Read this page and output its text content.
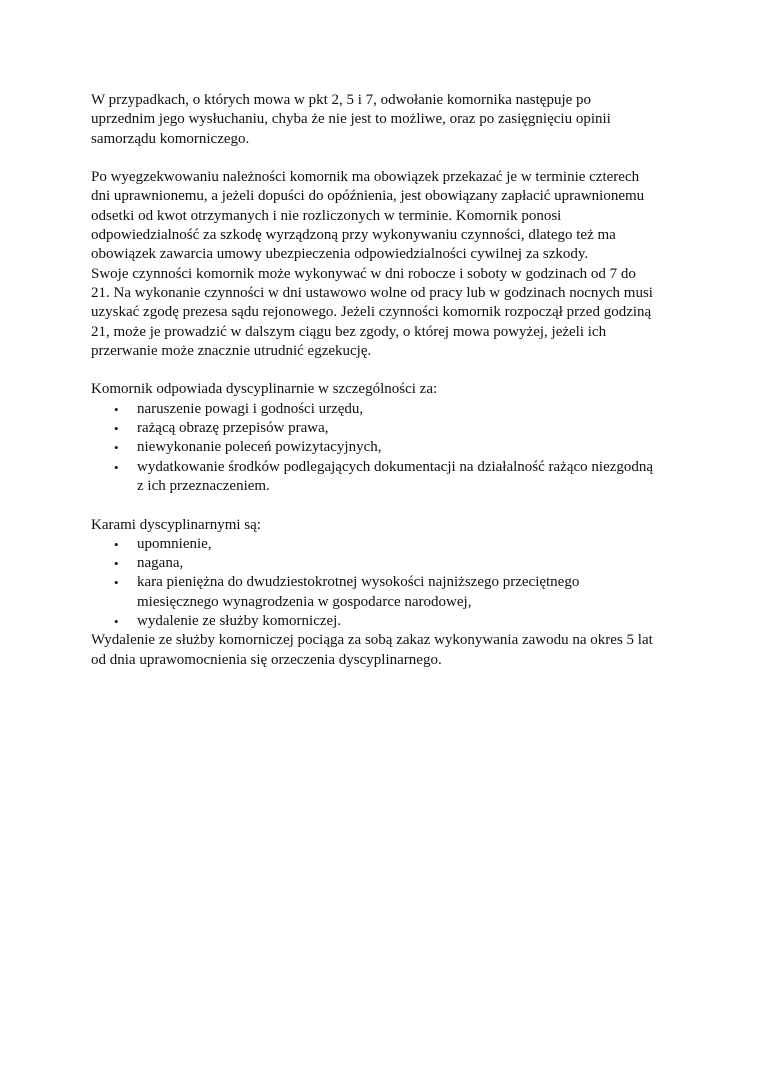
W przypadkach, o których mowa w pkt 2, 5 i 7, odwołanie komornika następuje po
uprzednim jego wysłuchaniu, chyba że nie jest to możliwe, oraz po zasięgnięciu opinii
samorządu komorniczego.

Po wyegzekwowaniu należności komornik ma obowiązek przekazać je w terminie czterech
dni uprawnionemu, a jeżeli dopuści do opóźnienia, jest obowiązany zapłacić uprawnionemu
odsetki od kwot otrzymanych i nie rozliczonych w terminie. Komornik ponosi
odpowiedzialność za szkodę wyrządzoną przy wykonywaniu czynności, dlatego też ma
obowiązek zawarcia umowy ubezpieczenia odpowiedzialności cywilnej za szkody.
Swoje czynności komornik może wykonywać w dni robocze i soboty w godzinach od 7 do
21. Na wykonanie czynności w dni ustawowo wolne od pracy lub w godzinach nocnych musi
uzyskać zgodę prezesa sądu rejonowego. Jeżeli czynności komornik rozpoczął przed godziną
21, może je prowadzić w dalszym ciągu bez zgody, o której mowa powyżej, jeżeli ich
przerwanie może znacznie utrudnić egzekucję.

Komornik odpowiada dyscyplinarnie w szczególności za:

• naruszenie powagi i godności urzędu,
• rażącą obrazę przepisów prawa,
• niewykonanie poleceń powizytacyjnych,
• wydatkowanie środków podlegających dokumentacji na działalność rażąco niezgodną
z ich przeznaczeniem.

Karami dyscyplinarnymi są:

• upomnienie,
• nagana,
• kara pieniężna do dwudziestokrotnej wysokości najniższego przeciętnego
miesięcznego wynagrodzenia w gospodarce narodowej,
• wydalenie ze służby komorniczej.

Wydalenie ze służby komorniczej pociąga za sobą zakaz wykonywania zawodu na okres 5 lat
od dnia uprawomocnienia się orzeczenia dyscyplinarnego.
